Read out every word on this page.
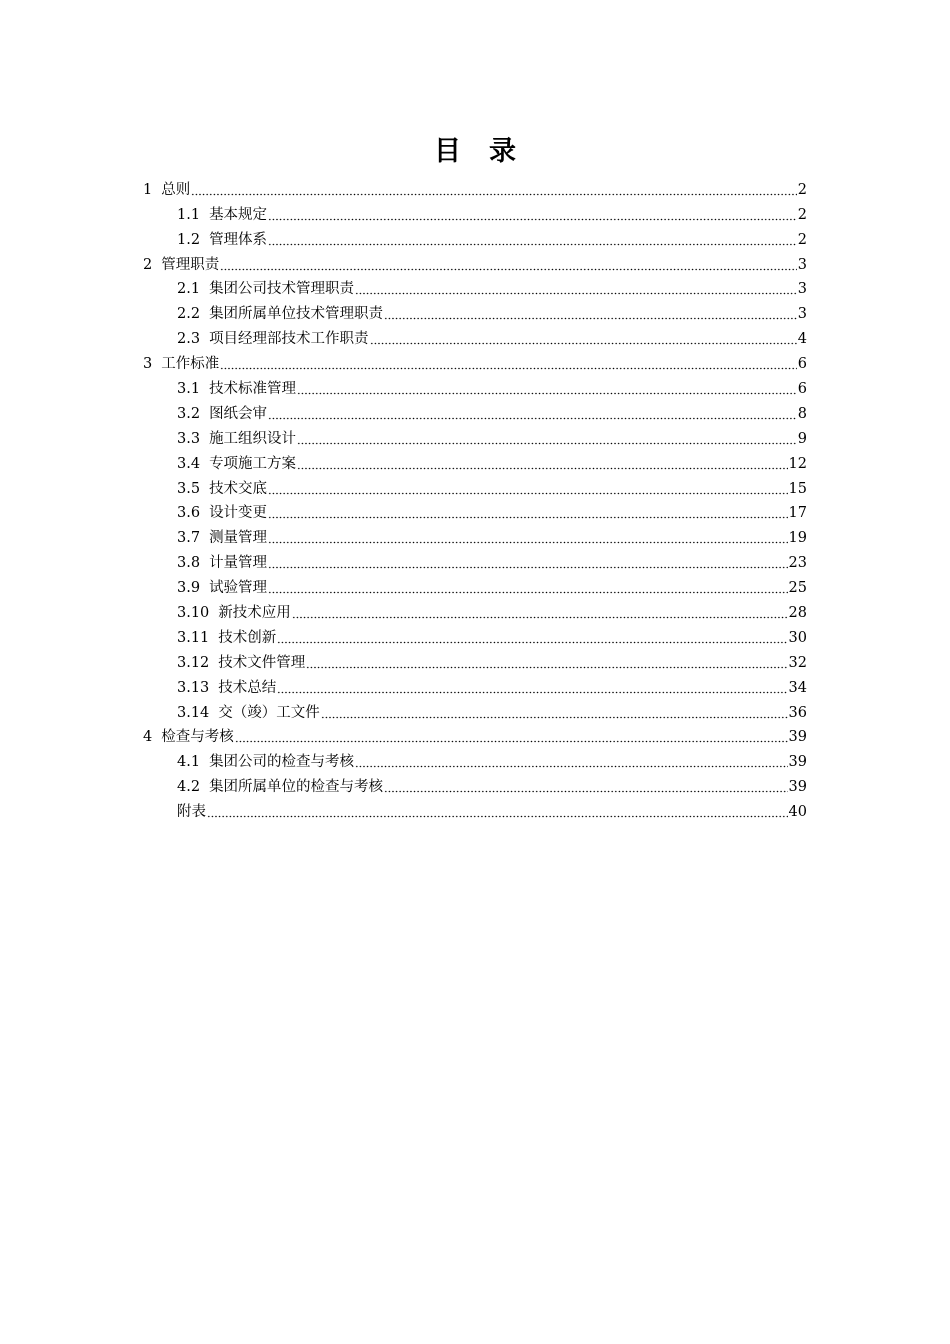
目 录
1 总则	2
1.1 基本规定	2
1.2 管理体系	2
2 管理职责	3
2.1 集团公司技术管理职责	3
2.2 集团所属单位技术管理职责	3
2.3 项目经理部技术工作职责	4
3 工作标准	6
3.1 技术标准管理	6
3.2 图纸会审	8
3.3 施工组织设计	9
3.4 专项施工方案	12
3.5 技术交底	15
3.6 设计变更	17
3.7 测量管理	19
3.8 计量管理	23
3.9 试验管理	25
3.10 新技术应用	28
3.11 技术创新	30
3.12 技术文件管理	32
3.13 技术总结	34
3.14 交（竣）工文件	36
4 检查与考核	39
4.1 集团公司的检查与考核	39
4.2 集团所属单位的检查与考核	39
附表	40
